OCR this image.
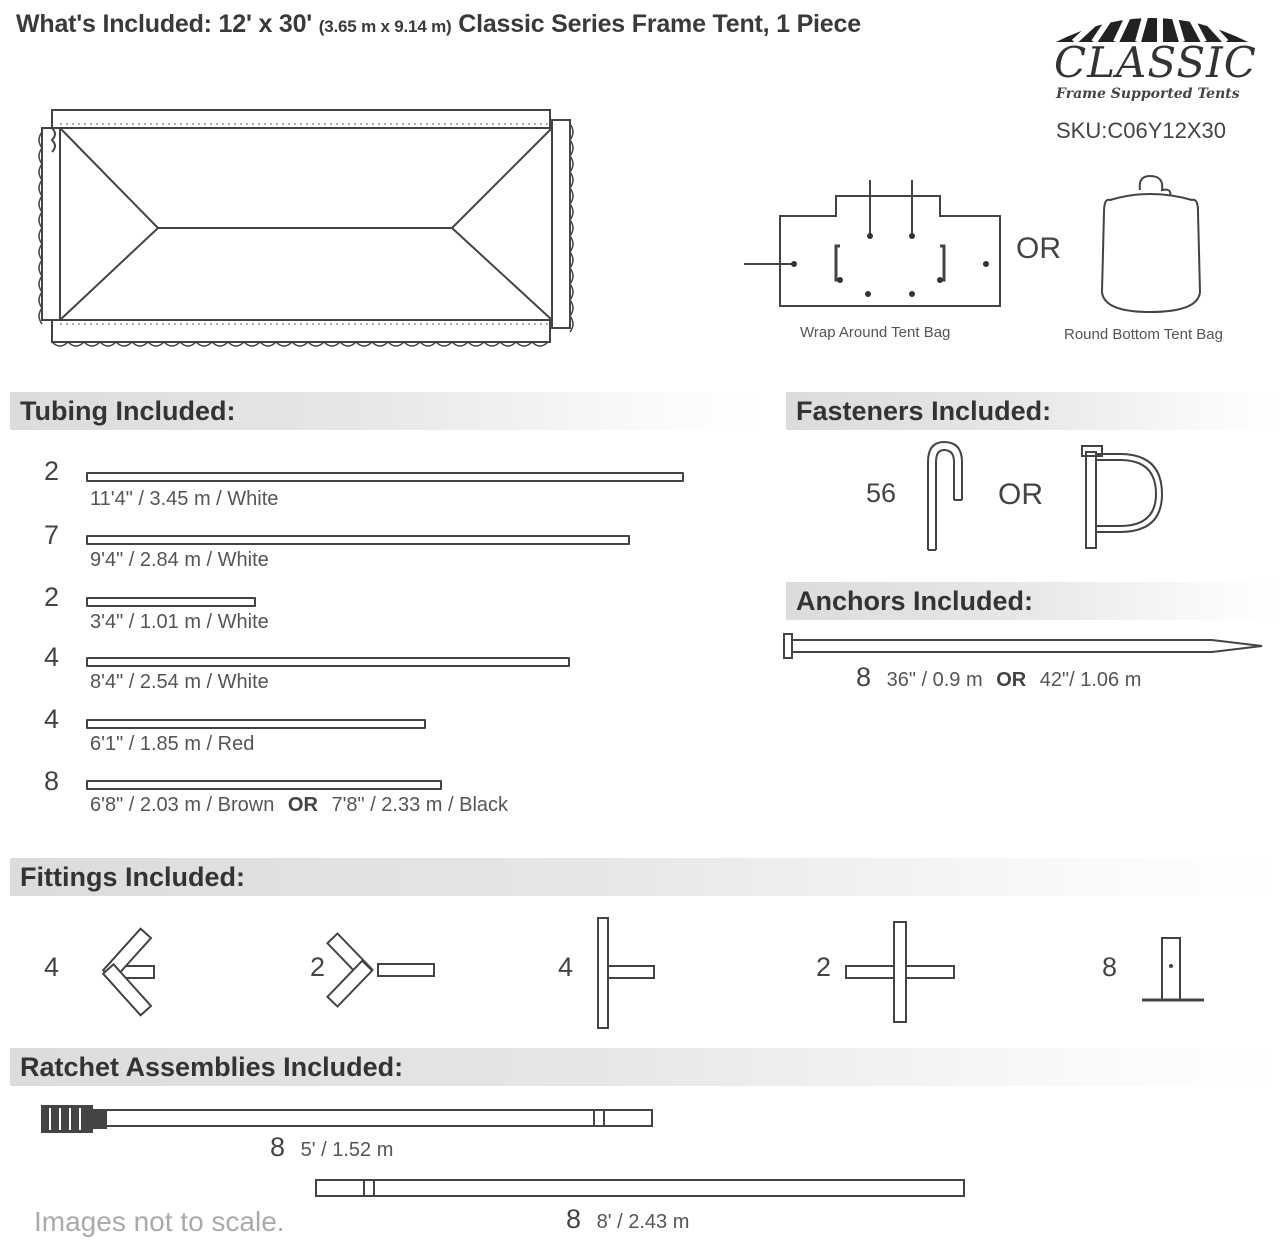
What's Included: 12' x 30' (3.65 m x 9.14 m) Classic Series Frame Tent, 1 Piece
CLASSIC
Frame Supported Tents
SKU:C06Y12X30
Wrap Around Tent Bag
OR
Round Bottom Tent Bag
Tubing Included:	Fasteners Included:
Anchors Included:
Fittings Included:
Ratchet Assemblies Included:
2
11'4" / 3.45 m / White
7
9'4" / 2.84 m / White
2
3'4" / 1.01 m / White
4
8'4" / 2.54 m / White
4
6'1" / 1.85 m / Red
8
6'8" / 2.03 m / Brown OR 7'8" / 2.33 m / Black
56	OR
8 36" / 0.9 m OR 42"/ 1.06 m
4	2	4	2	8
8 5' / 1.52 m
8 8' / 2.43 m
Images not to scale.
